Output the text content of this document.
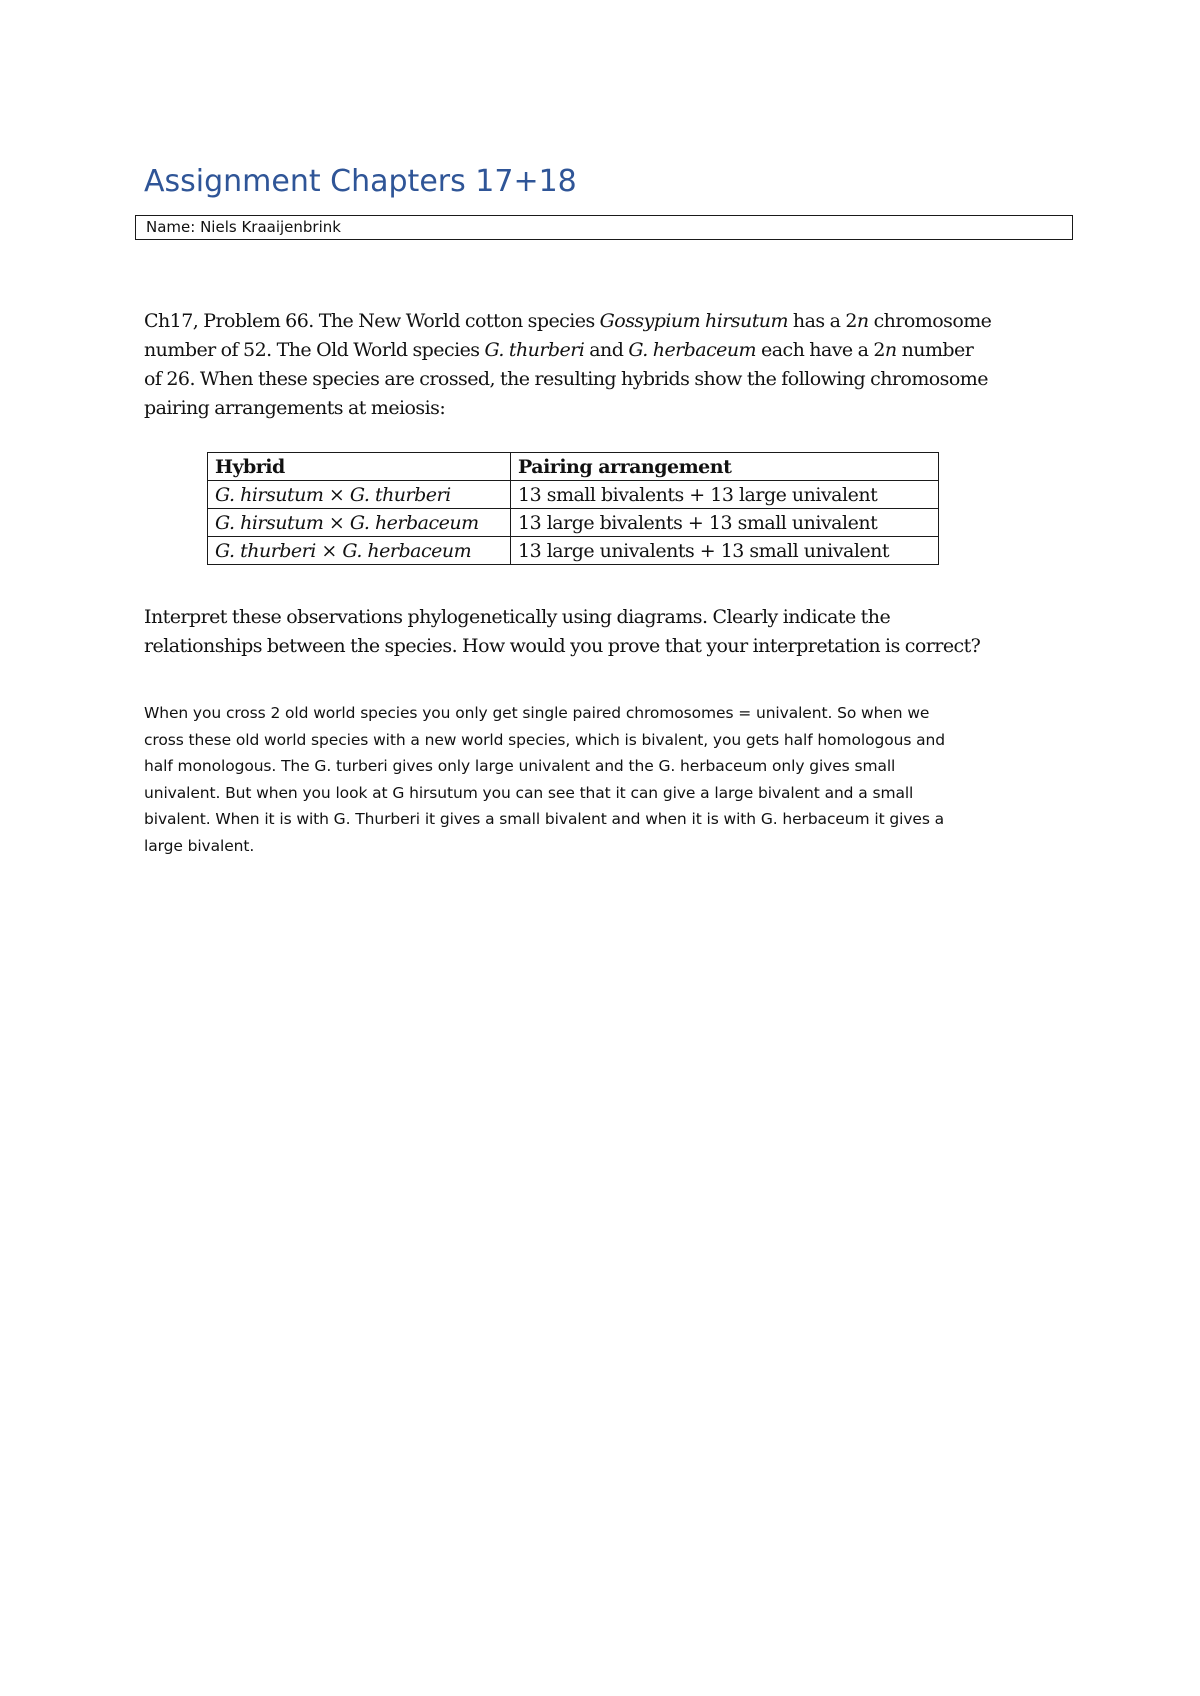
Assignment Chapters 17+18
Name: Niels Kraaijenbrink
Ch17, Problem 66. The New World cotton species Gossypium hirsutum has a 2n chromosome
number of 52. The Old World species G. thurberi and G. herbaceum each have a 2n number
of 26. When these species are crossed, the resulting hybrids show the following chromosome
pairing arrangements at meiosis:
Hybrid	Pairing arrangement
G. hirsutum × G. thurberi	13 small bivalents + 13 large univalent
G. hirsutum × G. herbaceum	13 large bivalents + 13 small univalent
G. thurberi × G. herbaceum	13 large univalents + 13 small univalent
Interpret these observations phylogenetically using diagrams. Clearly indicate the
relationships between the species. How would you prove that your interpretation is correct?
When you cross 2 old world species you only get single paired chromosomes = univalent. So when we
cross these old world species with a new world species, which is bivalent, you gets half homologous and
half monologous. The G. turberi gives only large univalent and the G. herbaceum only gives small
univalent. But when you look at G hirsutum you can see that it can give a large bivalent and a small
bivalent. When it is with G. Thurberi it gives a small bivalent and when it is with G. herbaceum it gives a
large bivalent.
